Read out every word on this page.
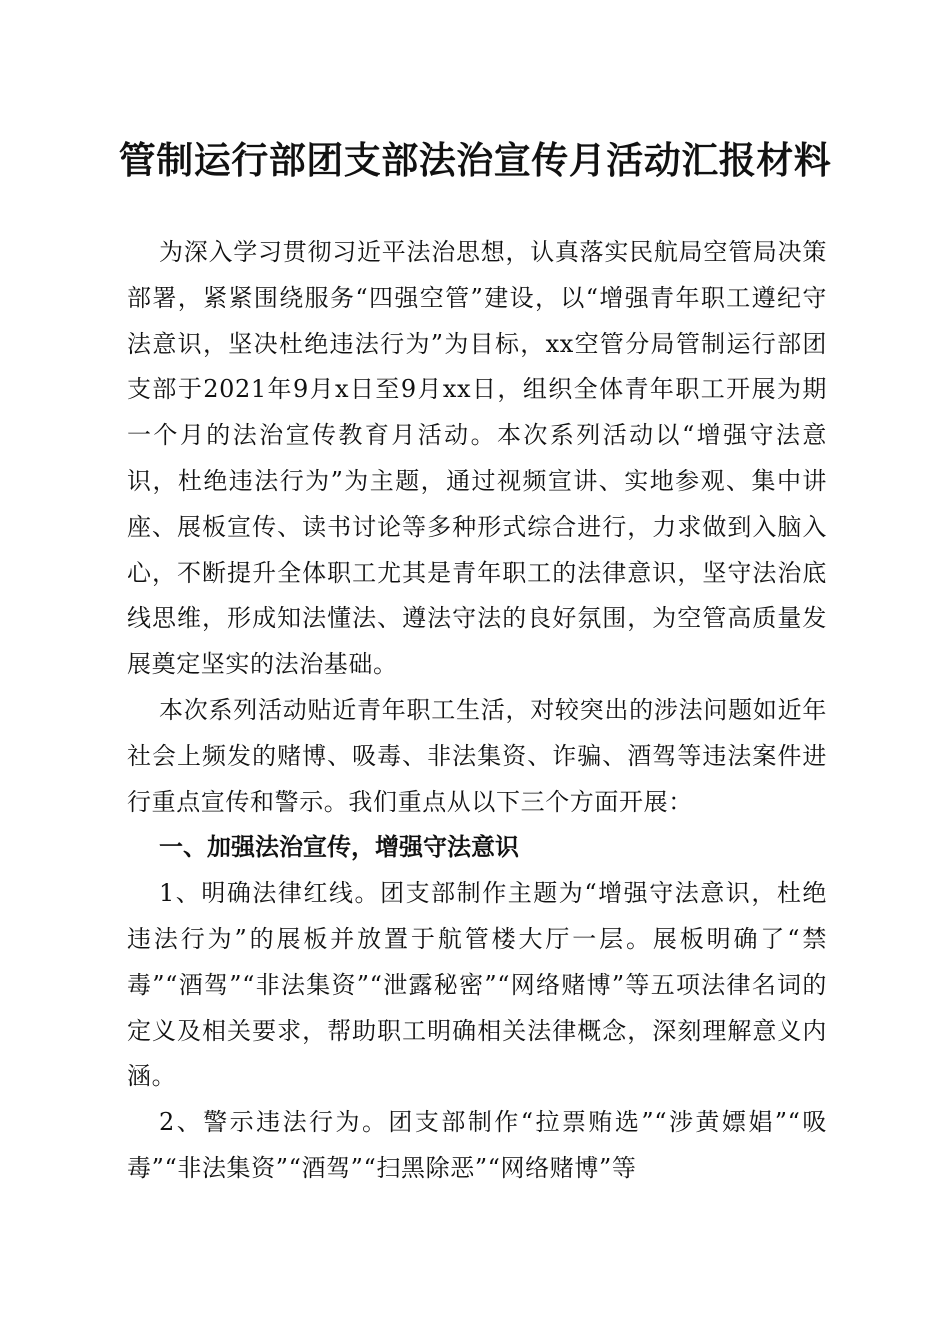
管制运行部团支部法治宣传月活动汇报材料

为深入学习贯彻习近平法治思想，认真落实民航局空管局决策部署，紧紧围绕服务“四强空管”建设，以“增强青年职工遵纪守法意识，坚决杜绝违法行为”为目标，xx空管分局管制运行部团支部于2021年9月x日至9月xx日，组织全体青年职工开展为期一个月的法治宣传教育月活动。本次系列活动以“增强守法意识，杜绝违法行为”为主题，通过视频宣讲、实地参观、集中讲座、展板宣传、读书讨论等多种形式综合进行，力求做到入脑入心，不断提升全体职工尤其是青年职工的法律意识，坚守法治底线思维，形成知法懂法、遵法守法的良好氛围，为空管高质量发展奠定坚实的法治基础。

本次系列活动贴近青年职工生活，对较突出的涉法问题如近年社会上频发的赌博、吸毒、非法集资、诈骗、酒驾等违法案件进行重点宣传和警示。我们重点从以下三个方面开展：

一、加强法治宣传，增强守法意识

1、明确法律红线。团支部制作主题为“增强守法意识，杜绝违法行为”的展板并放置于航管楼大厅一层。展板明确了“禁毒”“酒驾”“非法集资”“泄露秘密”“网络赌博”等五项法律名词的定义及相关要求，帮助职工明确相关法律概念，深刻理解意义内涵。

2、警示违法行为。团支部制作“拉票贿选”“涉黄嫖娼”“吸毒”“非法集资”“酒驾”“扫黑除恶”“网络赌博”等
